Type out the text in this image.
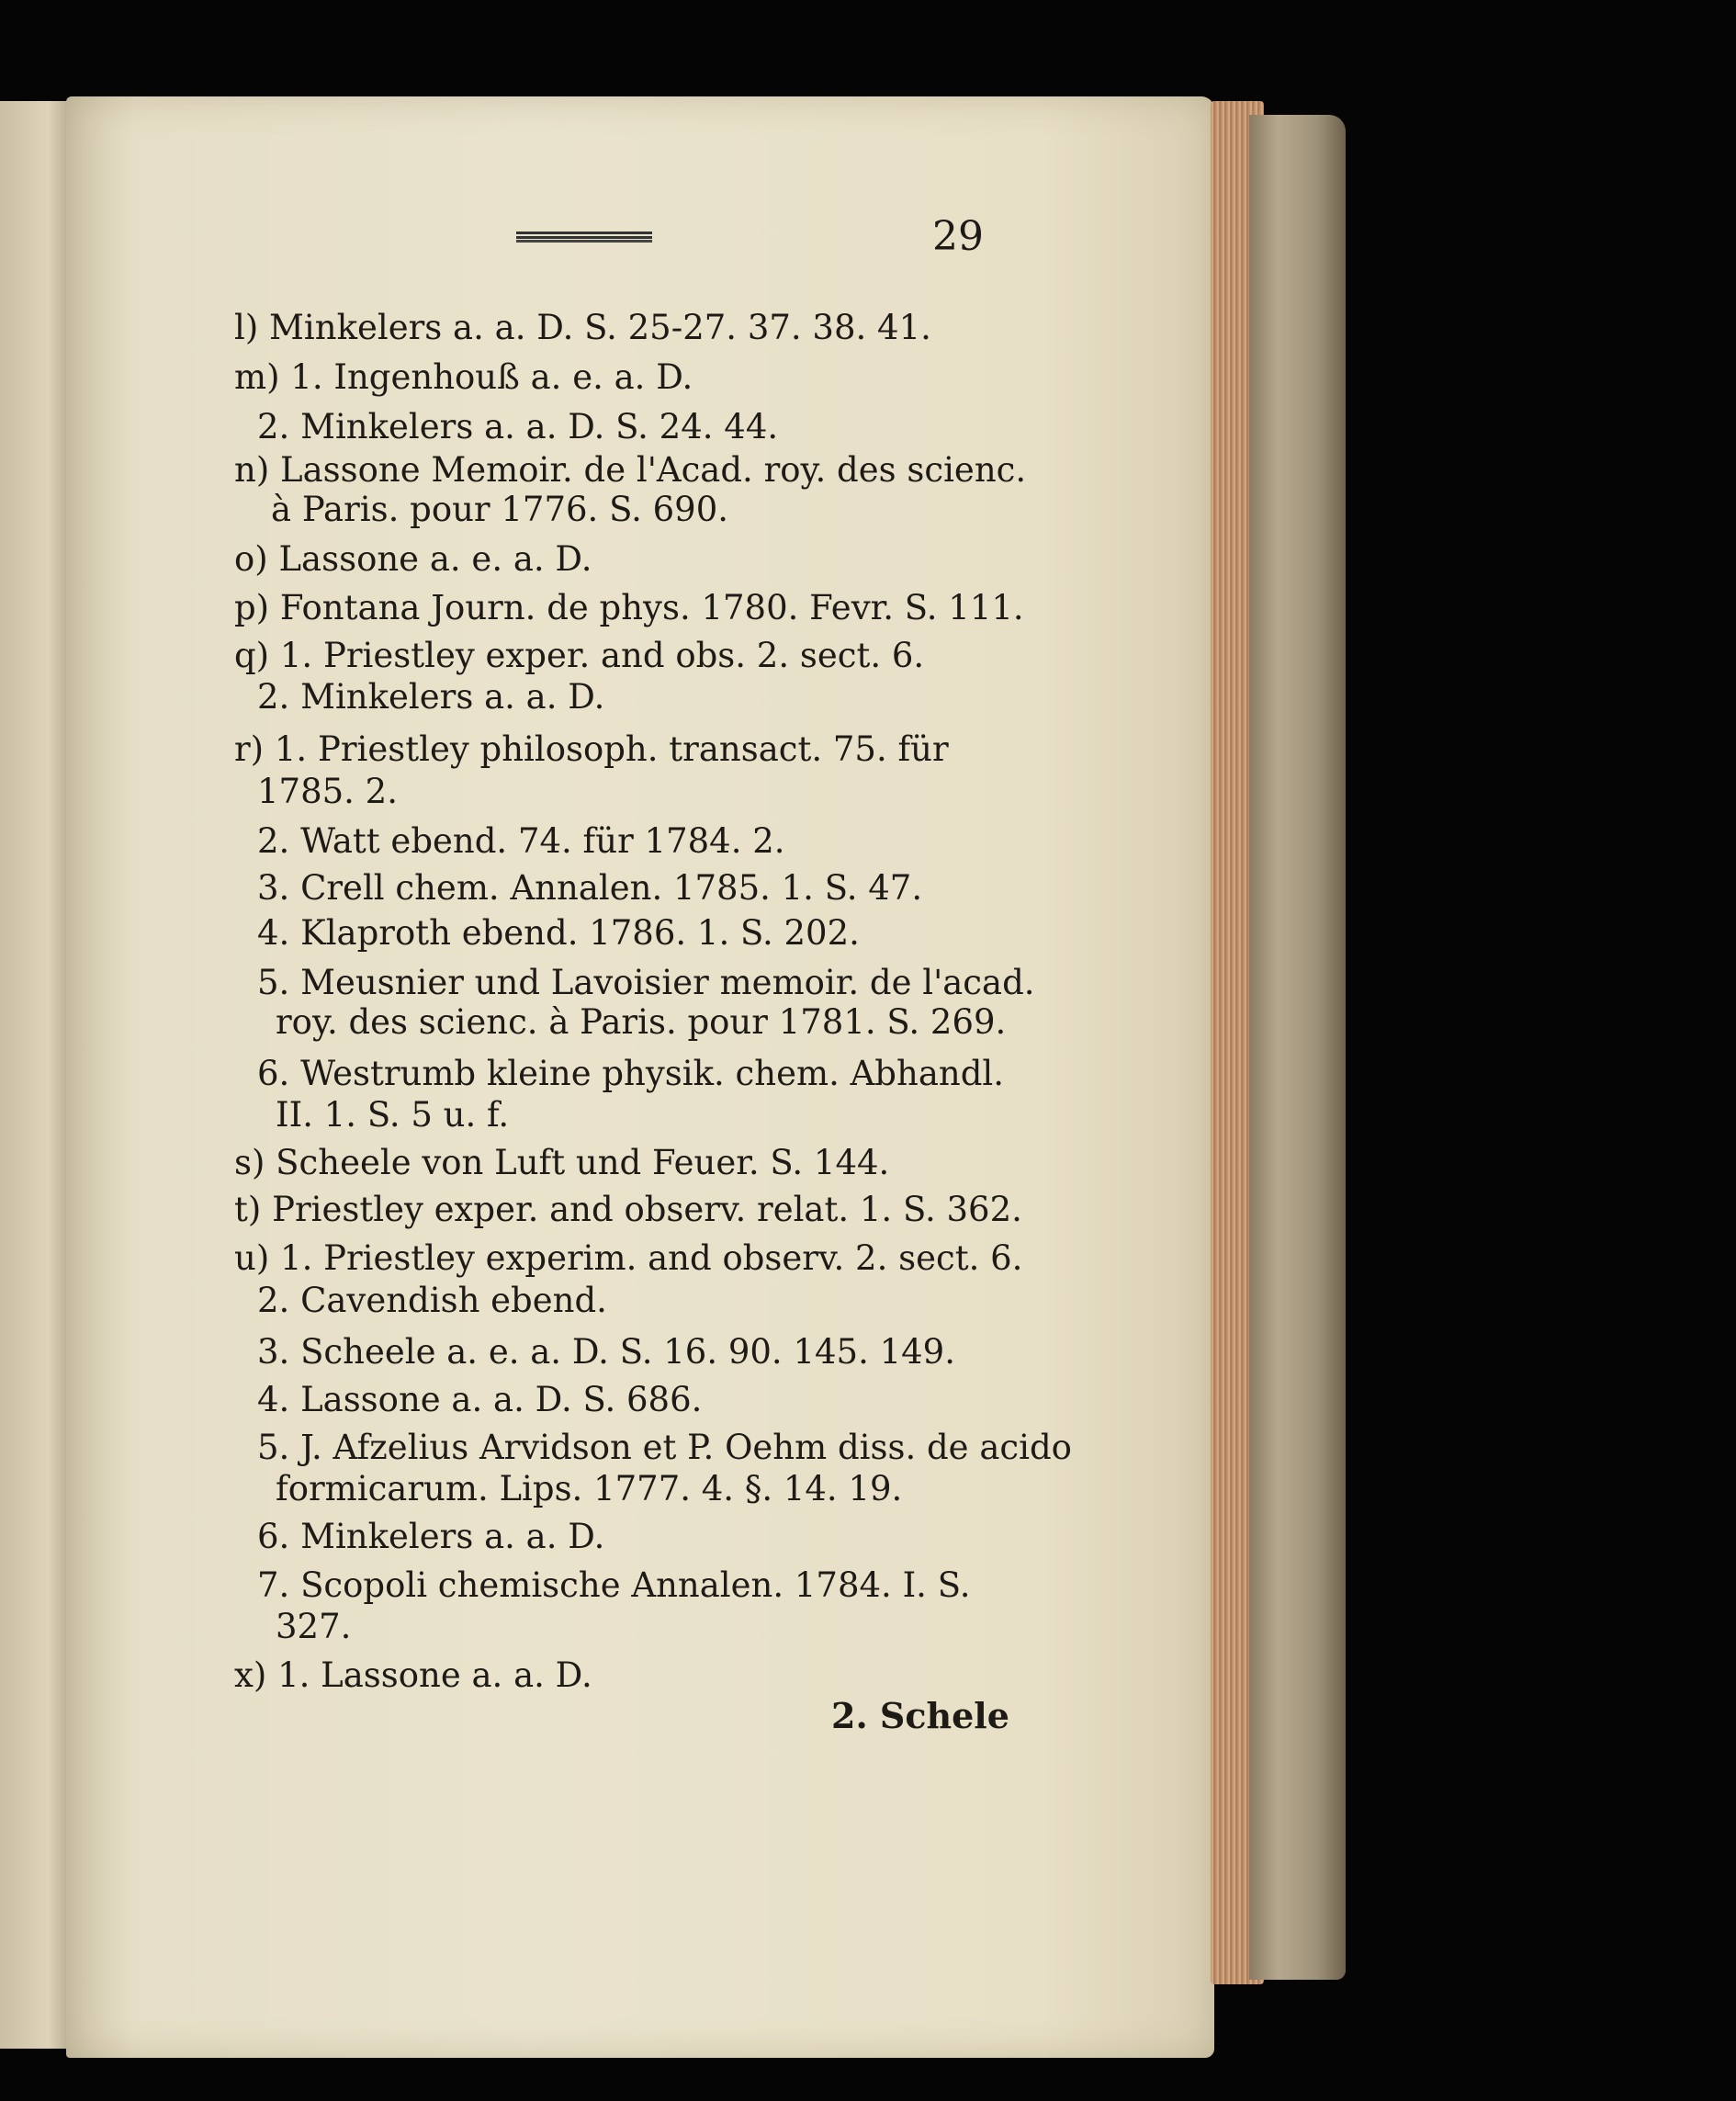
29
l) Minkelers a. a. D. S. 25-27. 37. 38. 41.
m) 1. Ingenhouß a. e. a. D.
2. Minkelers a. a. D. S. 24. 44.
n) Lassone Memoir. de l'Acad. roy. des scienc.
à Paris. pour 1776. S. 690.
o) Lassone a. e. a. D.
p) Fontana Journ. de phys. 1780. Fevr. S. 111.
q) 1. Priestley exper. and obs. 2. sect. 6.
2. Minkelers a. a. D.
r) 1. Priestley philosoph. transact. 75. für
1785. 2.
2. Watt ebend. 74. für 1784. 2.
3. Crell chem. Annalen. 1785. 1. S. 47.
4. Klaproth ebend. 1786. 1. S. 202.
5. Meusnier und Lavoisier memoir. de l'acad.
roy. des scienc. à Paris. pour 1781. S. 269.
6. Westrumb kleine physik. chem. Abhandl.
II. 1. S. 5 u. f.
s) Scheele von Luft und Feuer. S. 144.
t) Priestley exper. and observ. relat. 1. S. 362.
u) 1. Priestley experim. and observ. 2. sect. 6.
2. Cavendish ebend.
3. Scheele a. e. a. D. S. 16. 90. 145. 149.
4. Lassone a. a. D. S. 686.
5. J. Afzelius Arvidson et P. Oehm diss. de acido
formicarum. Lips. 1777. 4. §. 14. 19.
6. Minkelers a. a. D.
7. Scopoli chemische Annalen. 1784. I. S.
327.
x) 1. Lassone a. a. D.
2. Schele
